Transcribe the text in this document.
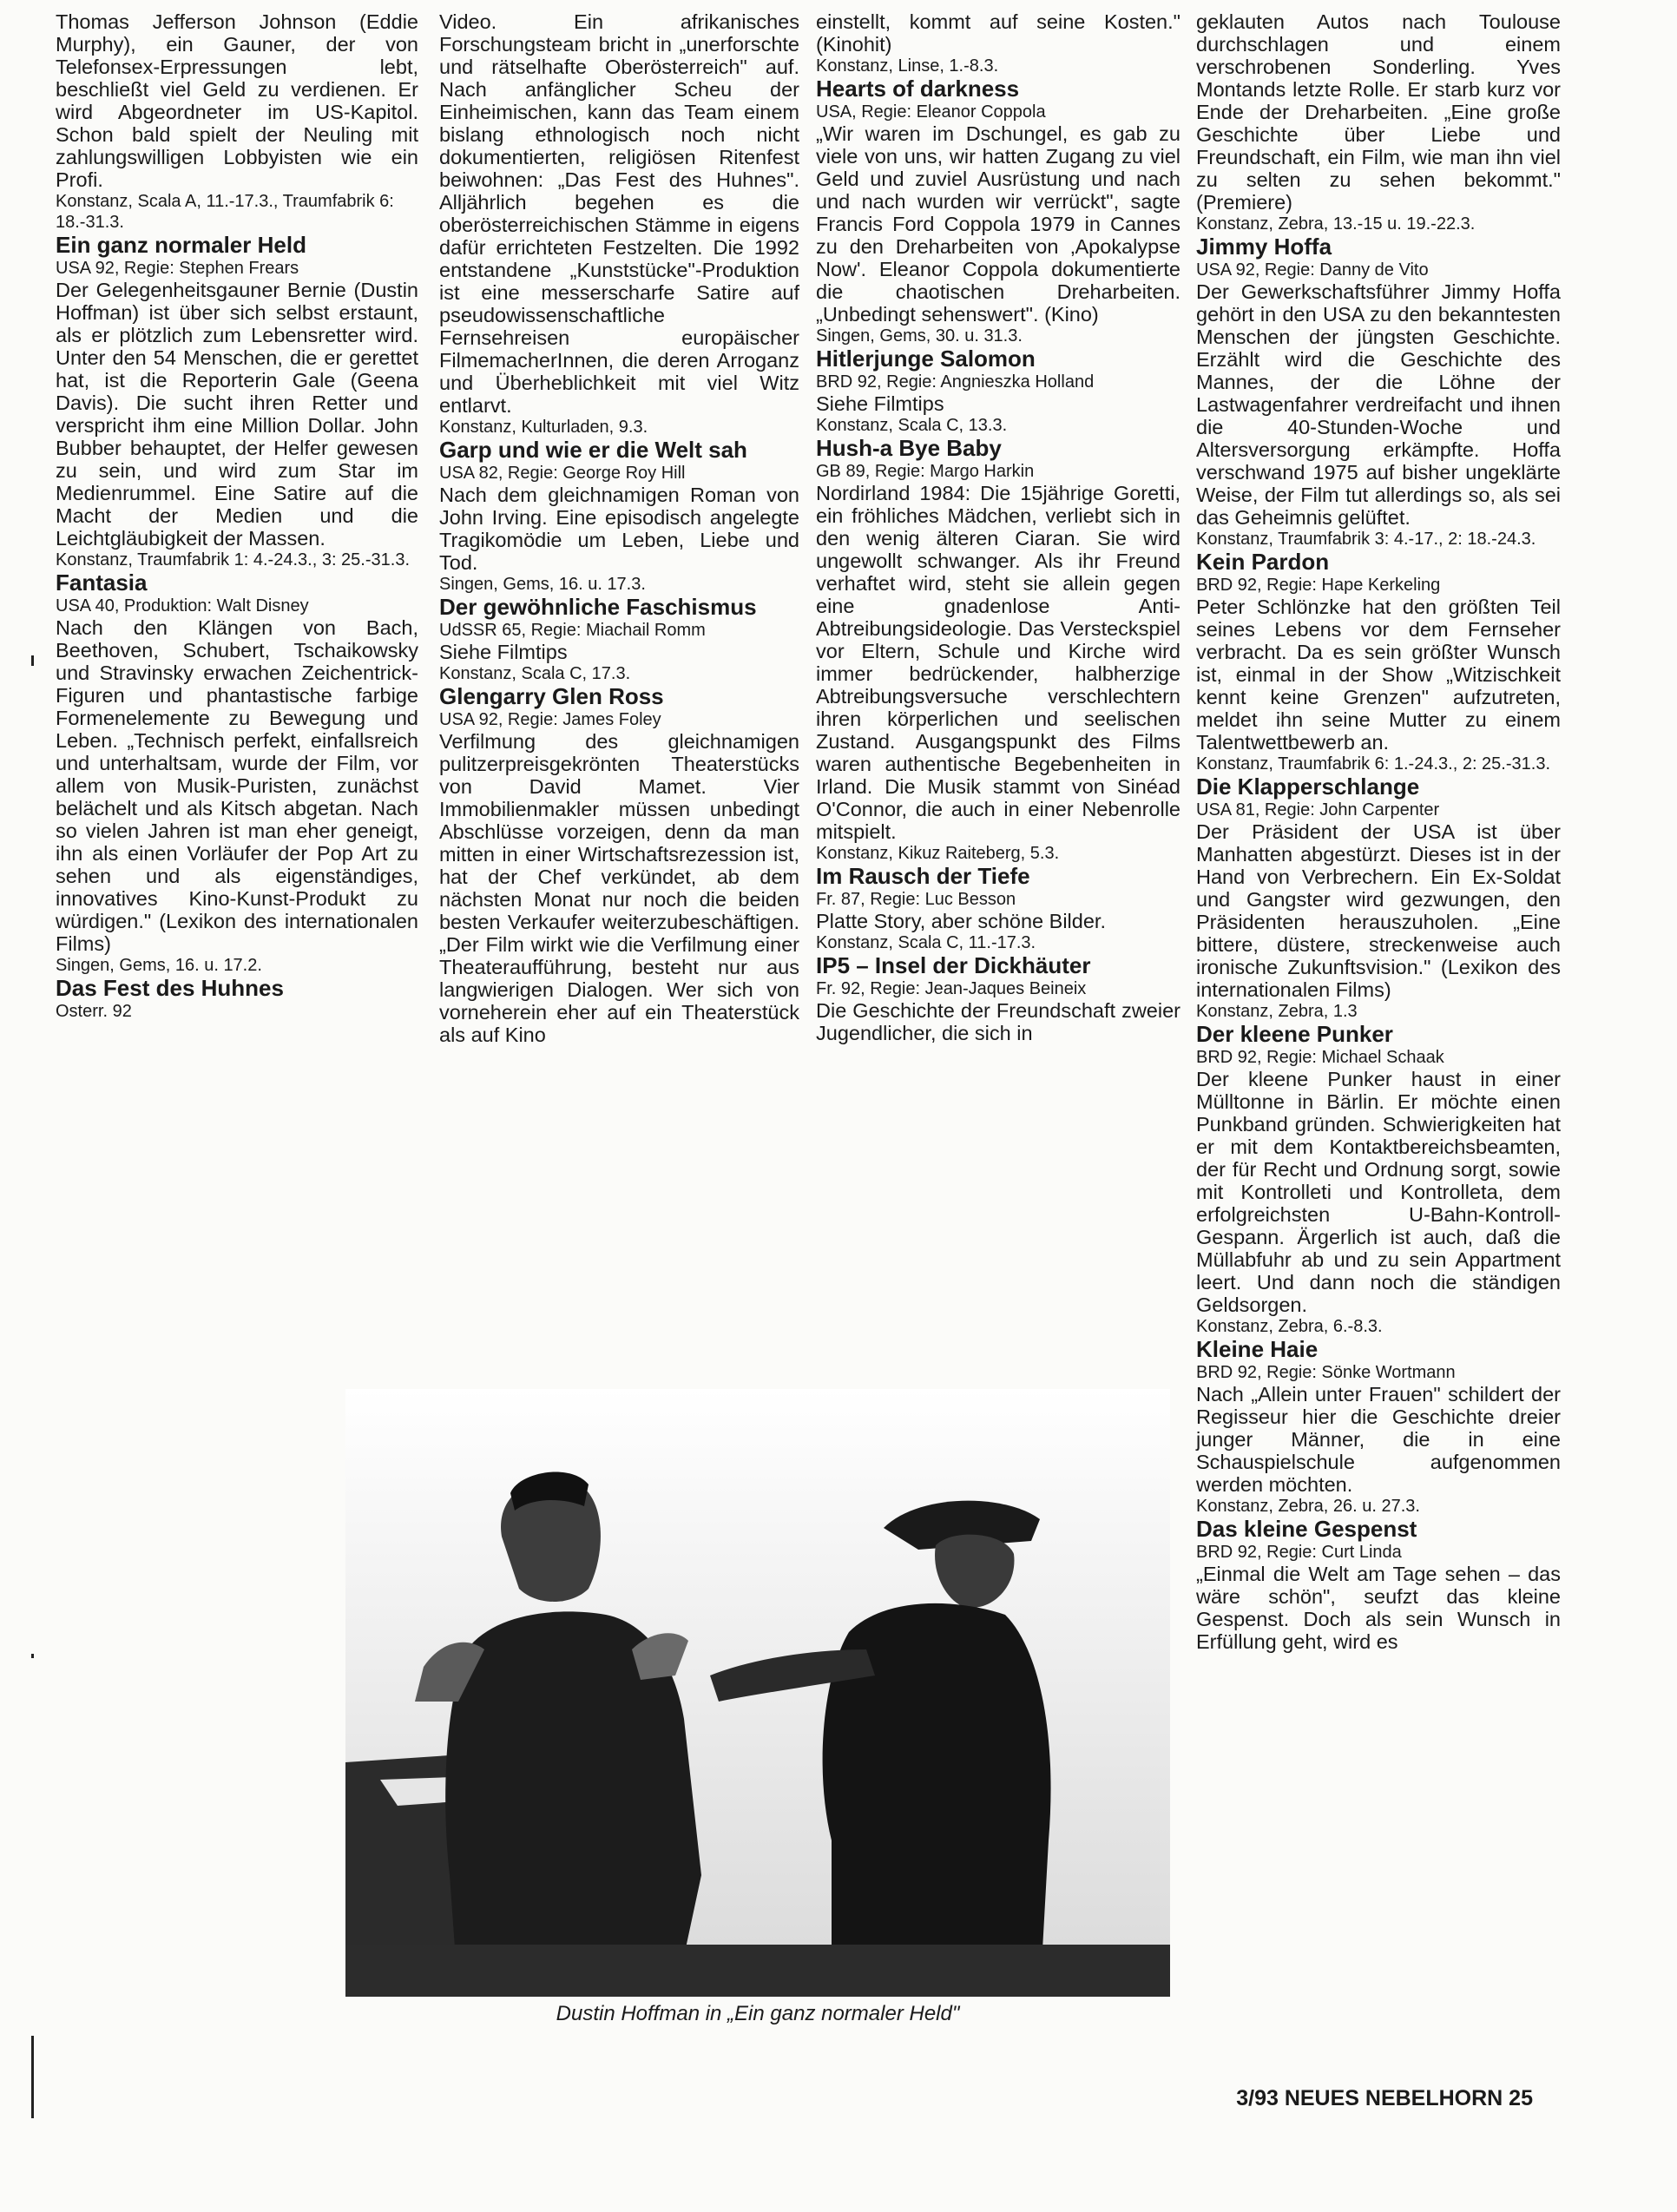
Thomas Jefferson Johnson (Eddie Murphy), ein Gauner, der von Telefonsex-Erpressungen lebt, beschließt viel Geld zu verdienen. Er wird Abgeordneter im US-Kapitol. Schon bald spielt der Neuling mit zahlungswilligen Lobbyisten wie ein Profi.

Konstanz, Scala A, 11.-17.3., Traumfabrik 6: 18.-31.3.

Ein ganz normaler Held

USA 92, Regie: Stephen Frears

Der Gelegenheitsgauner Bernie (Dustin Hoffman) ist über sich selbst erstaunt, als er plötzlich zum Lebensretter wird. Unter den 54 Menschen, die er gerettet hat, ist die Reporterin Gale (Geena Davis). Die sucht ihren Retter und verspricht ihm eine Million Dollar. John Bubber behauptet, der Helfer gewesen zu sein, und wird zum Star im Medienrummel. Eine Satire auf die Macht der Medien und die Leichtgläubigkeit der Massen.

Konstanz, Traumfabrik 1: 4.-24.3., 3: 25.-31.3.

Fantasia

USA 40, Produktion: Walt Disney

Nach den Klängen von Bach, Beethoven, Schubert, Tschaikowsky und Stravinsky erwachen Zeichentrick-Figuren und phantastische farbige Formenelemente zu Bewegung und Leben. „Technisch perfekt, einfallsreich und unterhaltsam, wurde der Film, vor allem von Musik-Puristen, zunächst belächelt und als Kitsch abgetan. Nach so vielen Jahren ist man eher geneigt, ihn als einen Vorläufer der Pop Art zu sehen und als eigenständiges, innovatives Kino-Kunst-Produkt zu würdigen." (Lexikon des internationalen Films)

Singen, Gems, 16. u. 17.2.

Das Fest des Huhnes

Osterr. 92

Video. Ein afrikanisches Forschungsteam bricht in „unerforschte und rätselhafte Oberösterreich" auf. Nach anfänglicher Scheu der Einheimischen, kann das Team einem bislang ethnologisch noch nicht dokumentierten, religiösen Ritenfest beiwohnen: „Das Fest des Huhnes". Alljährlich begehen es die oberösterreichischen Stämme in eigens dafür errichteten Festzelten. Die 1992 entstandene „Kunststücke"-Produktion ist eine messerscharfe Satire auf pseudowissenschaftliche Fernsehreisen europäischer FilmemacherInnen, die deren Arroganz und Überheblichkeit mit viel Witz entlarvt.

Konstanz, Kulturladen, 9.3.

Garp und wie er die Welt sah

USA 82, Regie: George Roy Hill

Nach dem gleichnamigen Roman von John Irving. Eine episodisch angelegte Tragikomödie um Leben, Liebe und Tod.

Singen, Gems, 16. u. 17.3.

Der gewöhnliche Faschismus

UdSSR 65, Regie: Miachail Romm

Siehe Filmtips

Konstanz, Scala C, 17.3.

Glengarry Glen Ross

USA 92, Regie: James Foley

Verfilmung des gleichnamigen pulitzerpreisgekrönten Theaterstücks von David Mamet. Vier Immobilienmakler müssen unbedingt Abschlüsse vorzeigen, denn da man mitten in einer Wirtschaftsrezession ist, hat der Chef verkündet, ab dem nächsten Monat nur noch die beiden besten Verkaufer weiterzubeschäftigen. „Der Film wirkt wie die Verfilmung einer Theateraufführung, besteht nur aus langwierigen Dialogen. Wer sich von vorneherein eher auf ein Theaterstück als auf Kino

einstellt, kommt auf seine Kosten." (Kinohit)

Konstanz, Linse, 1.-8.3.

Hearts of darkness

USA, Regie: Eleanor Coppola

„Wir waren im Dschungel, es gab zu viele von uns, wir hatten Zugang zu viel Geld und zuviel Ausrüstung und nach und nach wurden wir verrückt", sagte Francis Ford Coppola 1979 in Cannes zu den Dreharbeiten von ‚Apokalypse Now'. Eleanor Coppola dokumentierte die chaotischen Dreharbeiten. „Unbedingt sehenswert". (Kino)

Singen, Gems, 30. u. 31.3.

Hitlerjunge Salomon

BRD 92, Regie: Angnieszka Holland

Siehe Filmtips

Konstanz, Scala C, 13.3.

Hush-a Bye Baby

GB 89, Regie: Margo Harkin

Nordirland 1984: Die 15jährige Goretti, ein fröhliches Mädchen, verliebt sich in den wenig älteren Ciaran. Sie wird ungewollt schwanger. Als ihr Freund verhaftet wird, steht sie allein gegen eine gnadenlose Anti-Abtreibungsideologie. Das Versteckspiel vor Eltern, Schule und Kirche wird immer bedrückender, halbherzige Abtreibungsversuche verschlechtern ihren körperlichen und seelischen Zustand. Ausgangspunkt des Films waren authentische Begebenheiten in Irland. Die Musik stammt von Sinéad O'Connor, die auch in einer Nebenrolle mitspielt.

Konstanz, Kikuz Raiteberg, 5.3.

Im Rausch der Tiefe

Fr. 87, Regie: Luc Besson

Platte Story, aber schöne Bilder.

Konstanz, Scala C, 11.-17.3.

IP5 – Insel der Dickhäuter

Fr. 92, Regie: Jean-Jaques Beineix

Die Geschichte der Freundschaft zweier Jugendlicher, die sich in

geklauten Autos nach Toulouse durchschlagen und einem verschrobenen Sonderling. Yves Montands letzte Rolle. Er starb kurz vor Ende der Dreharbeiten. „Eine große Geschichte über Liebe und Freundschaft, ein Film, wie man ihn viel zu selten zu sehen bekommt." (Premiere)

Konstanz, Zebra, 13.-15 u. 19.-22.3.

Jimmy Hoffa

USA 92, Regie: Danny de Vito

Der Gewerkschaftsführer Jimmy Hoffa gehört in den USA zu den bekanntesten Menschen der jüngsten Geschichte. Erzählt wird die Geschichte des Mannes, der die Löhne der Lastwagenfahrer verdreifacht und ihnen die 40-Stunden-Woche und Altersversorgung erkämpfte. Hoffa verschwand 1975 auf bisher ungeklärte Weise, der Film tut allerdings so, als sei das Geheimnis gelüftet.

Konstanz, Traumfabrik 3: 4.-17., 2: 18.-24.3.

Kein Pardon

BRD 92, Regie: Hape Kerkeling

Peter Schlönzke hat den größten Teil seines Lebens vor dem Fernseher verbracht. Da es sein größter Wunsch ist, einmal in der Show „Witzischkeit kennt keine Grenzen" aufzutreten, meldet ihn seine Mutter zu einem Talentwettbewerb an.

Konstanz, Traumfabrik 6: 1.-24.3., 2: 25.-31.3.

Die Klapperschlange

USA 81, Regie: John Carpenter

Der Präsident der USA ist über Manhatten abgestürzt. Dieses ist in der Hand von Verbrechern. Ein Ex-Soldat und Gangster wird gezwungen, den Präsidenten herauszuholen. „Eine bittere, düstere, streckenweise auch ironische Zukunftsvision." (Lexikon des internationalen Films)

Konstanz, Zebra, 1.3

Der kleene Punker

BRD 92, Regie: Michael Schaak

Der kleene Punker haust in einer Mülltonne in Bärlin. Er möchte einen Punkband gründen. Schwierigkeiten hat er mit dem Kontaktbereichsbeamten, der für Recht und Ordnung sorgt, sowie mit Kontrolleti und Kontrolleta, dem erfolgreichsten U-Bahn-Kontroll-Gespann. Ärgerlich ist auch, daß die Müllabfuhr ab und zu sein Appartment leert. Und dann noch die ständigen Geldsorgen.

Konstanz, Zebra, 6.-8.3.

Kleine Haie

BRD 92, Regie: Sönke Wortmann

Nach „Allein unter Frauen" schildert der Regisseur hier die Geschichte dreier junger Männer, die in eine Schauspielschule aufgenommen werden möchten.

Konstanz, Zebra, 26. u. 27.3.

Das kleine Gespenst

BRD 92, Regie: Curt Linda

„Einmal die Welt am Tage sehen – das wäre schön", seufzt das kleine Gespenst. Doch als sein Wunsch in Erfüllung geht, wird es

Dustin Hoffman in „Ein ganz normaler Held"
3/93 NEUES NEBELHORN 25
